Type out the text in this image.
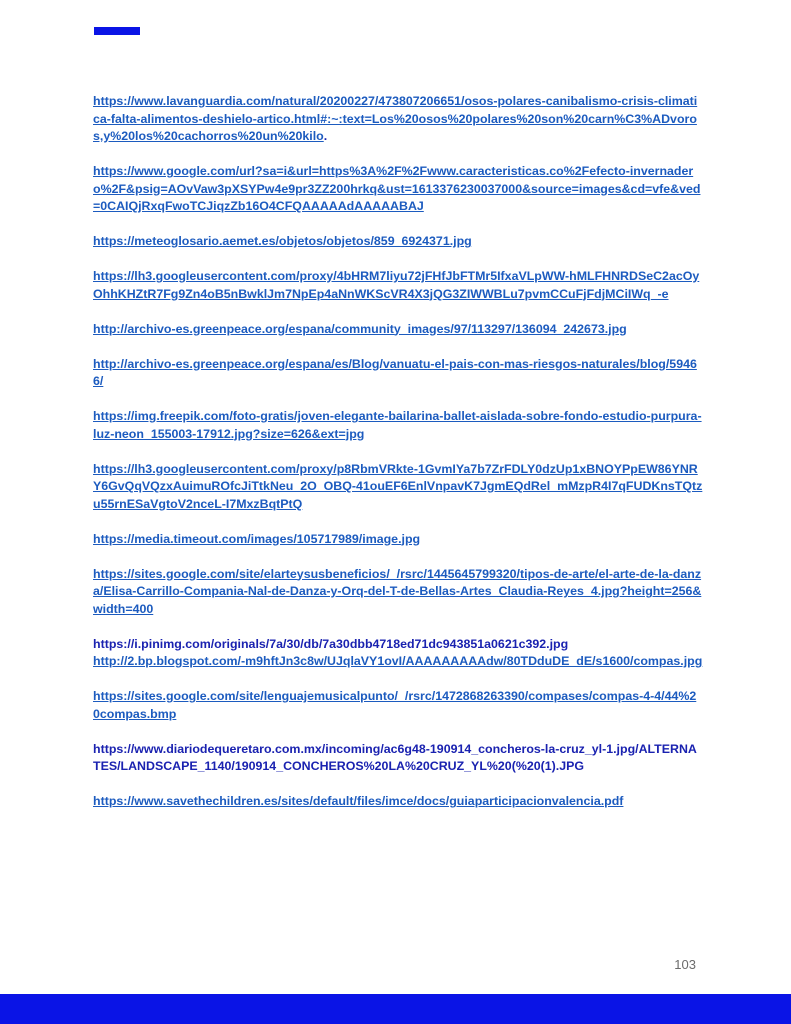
https://www.lavanguardia.com/natural/20200227/473807206651/osos-polares-canibalismo-crisis-climatica-falta-alimentos-deshielo-artico.html#:~:text=Los%20osos%20polares%20son%20carn%C3%ADvoros,y%20los%20cachorros%20un%20kilo.
https://www.google.com/url?sa=i&url=https%3A%2F%2Fwww.caracteristicas.co%2Fefecto-invernadero%2F&psig=AOvVaw3pXSYPw4e9pr3ZZ200hrkq&ust=1613376230037000&source=images&cd=vfe&ved=0CAIQjRxqFwoTCJiqzZb16O4CFQAAAAAdAAAAABAJ
https://meteoglosario.aemet.es/objetos/objetos/859_6924371.jpg
https://lh3.googleusercontent.com/proxy/4bHRM7liyu72jFHfJbFTMr5IfxaVLpWW-hMLFHNRDSeC2acOyOhhKHZtR7Fg9Zn4oB5nBwklJm7NpEp4aNnWKScVR4X3jQG3ZIWWBLu7pvmCCuFjFdjMCiIWq_-e
http://archivo-es.greenpeace.org/espana/community_images/97/113297/136094_242673.jpg
http://archivo-es.greenpeace.org/espana/es/Blog/vanuatu-el-pais-con-mas-riesgos-naturales/blog/59466/
https://img.freepik.com/foto-gratis/joven-elegante-bailarina-ballet-aislada-sobre-fondo-estudio-purpura-luz-neon_155003-17912.jpg?size=626&ext=jpg
https://lh3.googleusercontent.com/proxy/p8RbmVRkte-1GvmIYa7b7ZrFDLY0dzUp1xBNOYPpEW86YNRY6GvQqVQzxAuimuROfcJiTtkNeu_2O_OBQ-41ouEF6EnlVnpavK7JgmEQdRel_mMzpR4I7qFUDKnsTQtzu55rnESaVgtoV2nceL-I7MxzBqtPtQ
https://media.timeout.com/images/105717989/image.jpg
https://sites.google.com/site/elarteysusbeneficios/_/rsrc/1445645799320/tipos-de-arte/el-arte-de-la-danza/Elisa-Carrillo-Compania-Nal-de-Danza-y-Orq-del-T-de-Bellas-Artes_Claudia-Reyes_4.jpg?height=256&width=400
https://i.pinimg.com/originals/7a/30/db/7a30dbb4718ed71dc943851a0621c392.jpg
http://2.bp.blogspot.com/-m9hftJn3c8w/UJqlaVY1ovI/AAAAAAAAAdw/80TDduDE_dE/s1600/compas.jpg
https://sites.google.com/site/lenguajemusicalpunto/_/rsrc/1472868263390/compases/compas-4-4/44%20compas.bmp
https://www.diariodequeretaro.com.mx/incoming/ac6g48-190914_concheros-la-cruz_yl-1.jpg/ALTERNATES/LANDSCAPE_1140/190914_CONCHEROS%20LA%20CRUZ_YL%20(%20(1).JPG
https://www.savethechildren.es/sites/default/files/imce/docs/guiaparticipacionvalencia.pdf
103
